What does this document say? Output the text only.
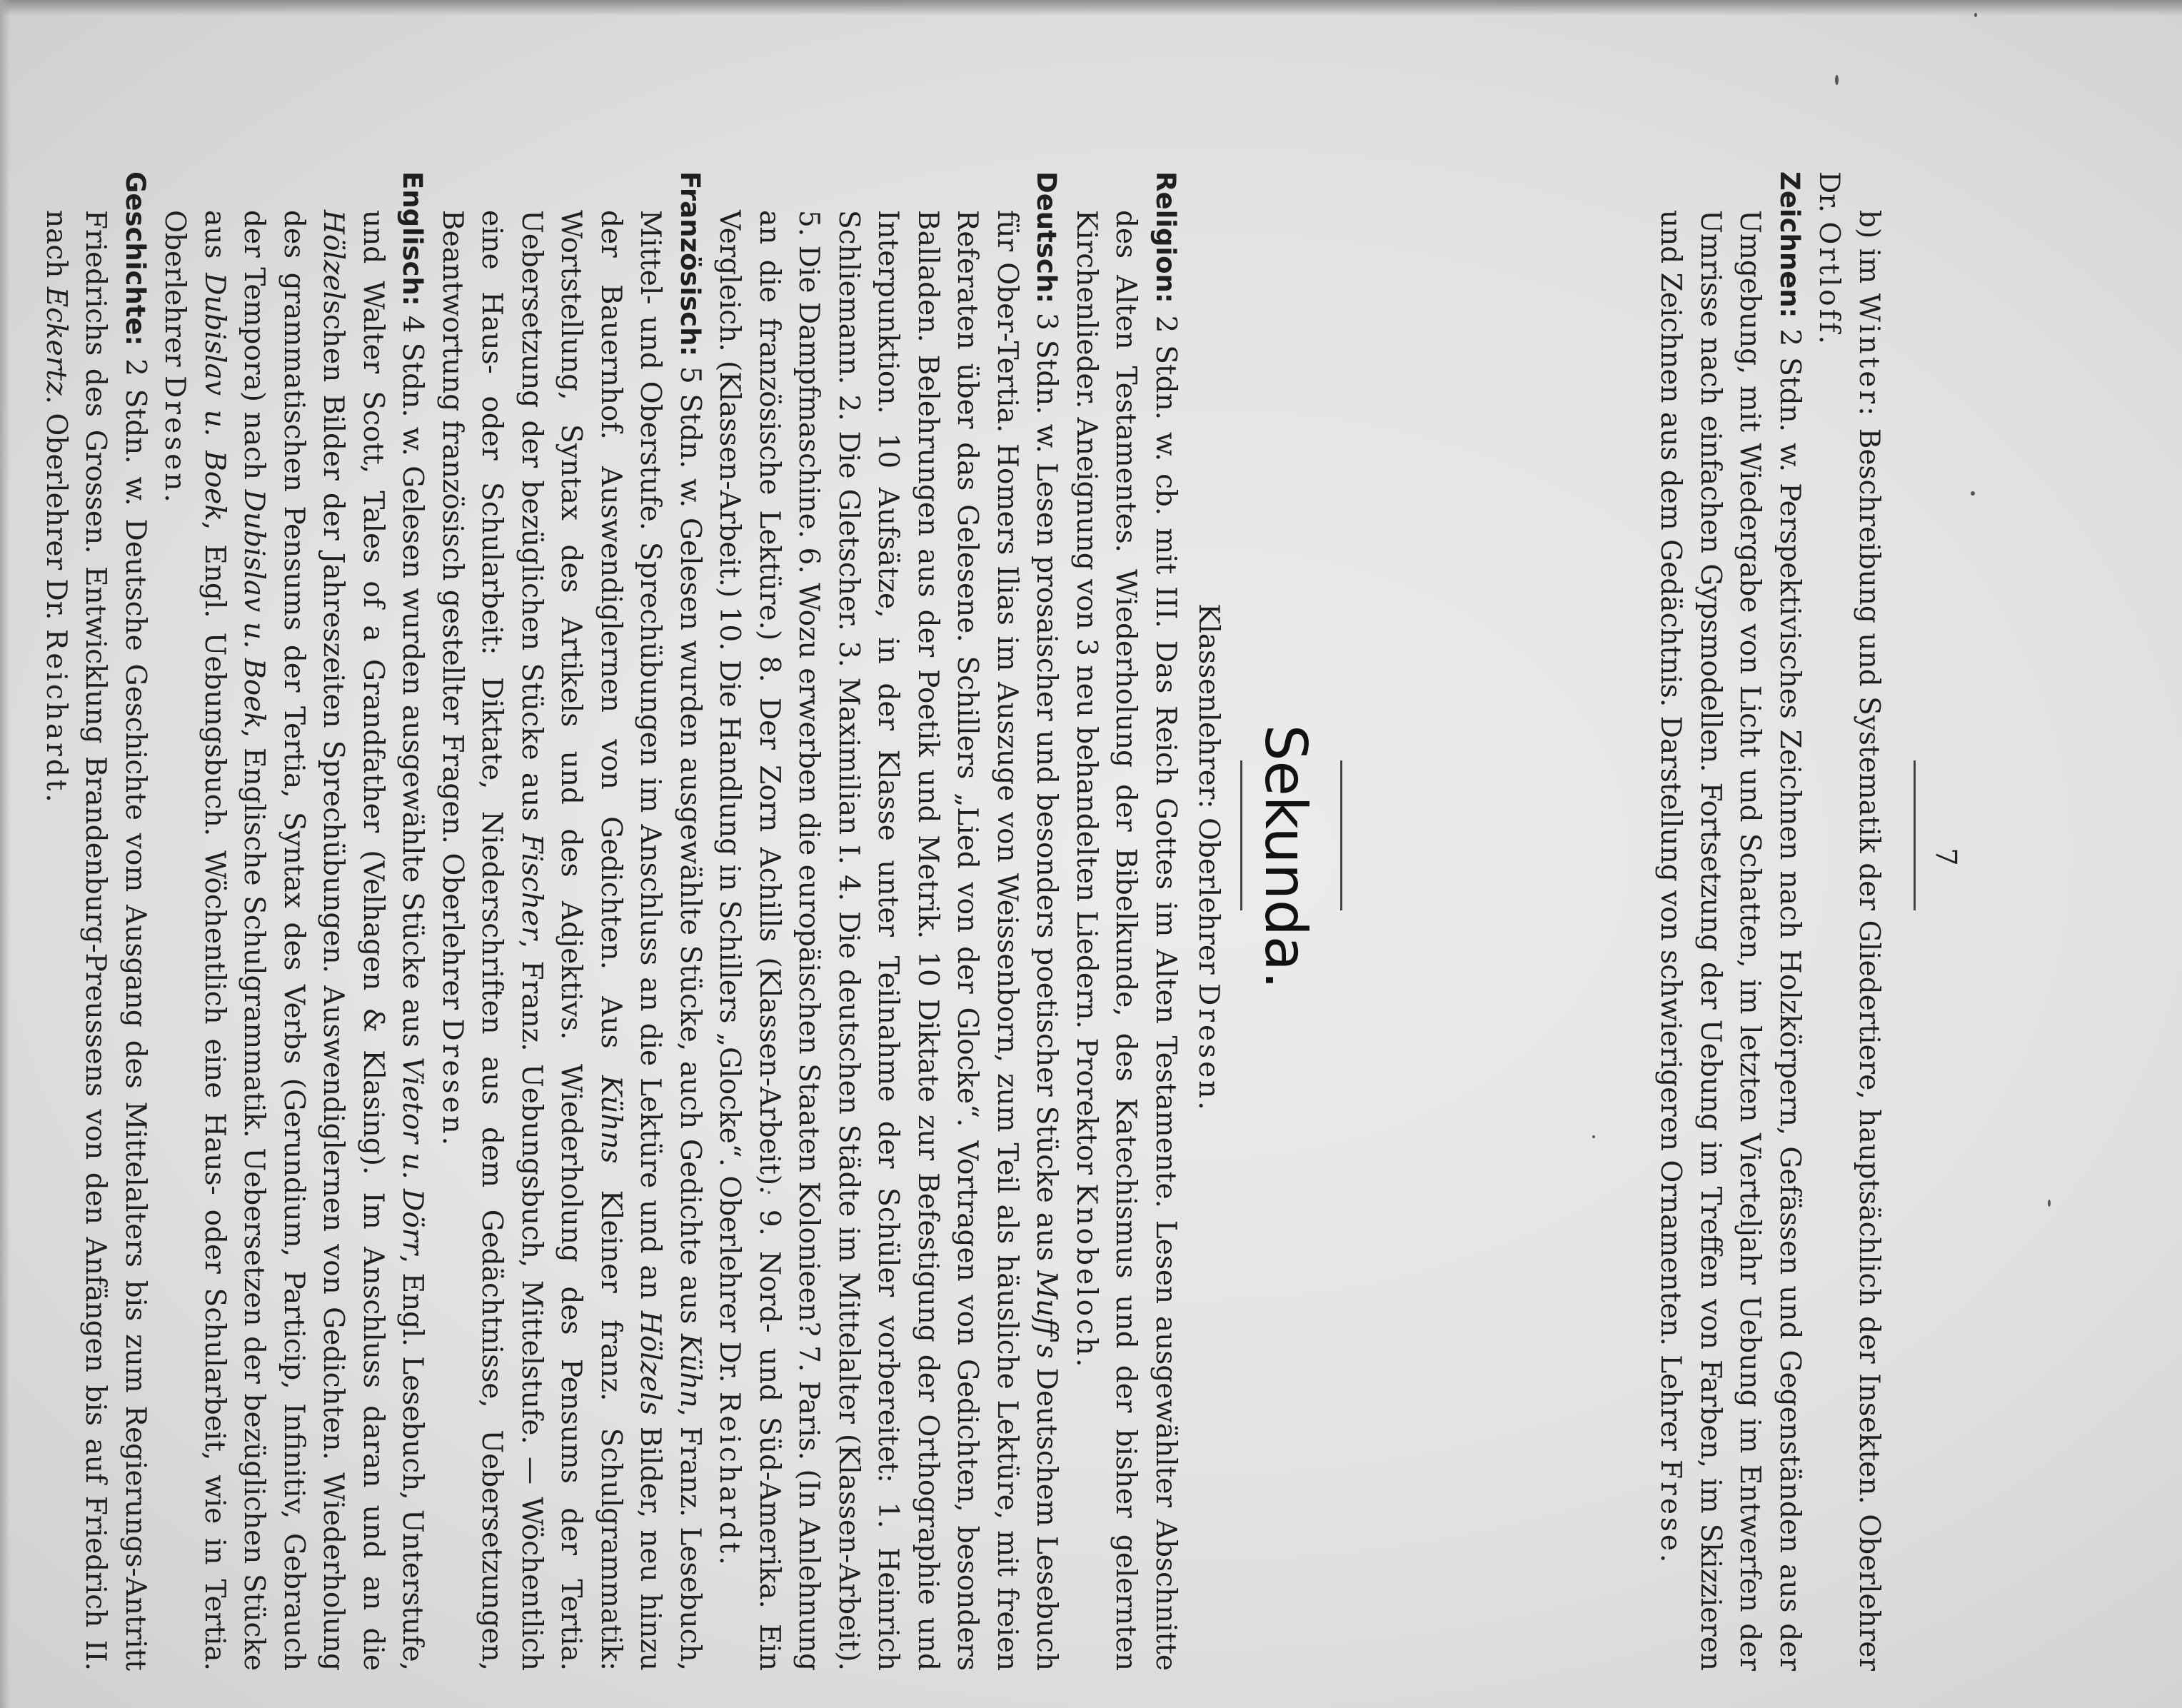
7

b) im Winter: Beschreibung und Systematik der Gliedertiere, hauptsächlich der Insekten. Oberlehrer Dr. Ortloff.

Zeichnen: 2 Stdn. w. Perspektivisches Zeichnen nach Holzkörpern, Gefässen und Gegenständen aus der Umgebung, mit Wiedergabe von Licht und Schatten, im letzten Vierteljahr Uebung im Entwerfen der Umrisse nach einfachen Gypsmodellen. Fortsetzung der Uebung im Treffen von Farben, im Skizzieren und Zeichnen aus dem Gedächtnis. Darstellung von schwierigeren Ornamenten. Lehrer Frese.

Sekunda.
Klassenlehrer: Oberlehrer Dresen.

Religion: 2 Stdn. w. cb. mit III. Das Reich Gottes im Alten Testamente. Lesen ausgewählter Abschnitte des Alten Testamentes. Wiederholung der Bibelkunde, des Katechismus und der bisher gelernten Kirchenlieder. Aneignung von 3 neu behandelten Liedern. Prorektor Knobeloch.

Deutsch: 3 Stdn. w. Lesen prosaischer und besonders poetischer Stücke aus Muff's Deutschem Lesebuch für Ober-Tertia. Homers Ilias im Auszuge von Weissenborn, zum Teil als häusliche Lektüre, mit freien Referaten über das Gelesene. Schillers „Lied von der Glocke“. Vortragen von Gedichten, besonders Balladen. Belehrungen aus der Poetik und Metrik. 10 Diktate zur Befestigung der Orthographie und Interpunktion. 10 Aufsätze, in der Klasse unter Teilnahme der Schüler vorbereitet: 1. Heinrich Schliemann. 2. Die Gletscher. 3. Maximilian I. 4. Die deutschen Städte im Mittelalter (Klassen-Arbeit). 5. Die Dampfmaschine. 6. Wozu erwerben die europäischen Staaten Kolonieen? 7. Paris. (In Anlehnung an die französische Lektüre.) 8. Der Zorn Achills (Klassen-Arbeit). 9. Nord- und Süd-Amerika. Ein Vergleich. (Klassen-Arbeit.) 10. Die Handlung in Schillers „Glocke“. Oberlehrer Dr. Reichardt.

Französisch: 5 Stdn. w. Gelesen wurden ausgewählte Stücke, auch Gedichte aus Kühn, Franz. Lesebuch, Mittel- und Oberstufe. Sprechübungen im Anschluss an die Lektüre und an Hölzels Bilder, neu hinzu der Bauernhof. Auswendiglernen von Gedichten. Aus Kühns Kleiner franz. Schulgrammatik: Wortstellung, Syntax des Artikels und des Adjektivs. Wiederholung des Pensums der Tertia. Uebersetzung der bezüglichen Stücke aus Fischer, Franz. Uebungsbuch, Mittelstufe. — Wöchentlich eine Haus- oder Schularbeit: Diktate, Niederschriften aus dem Gedächtnisse, Uebersetzungen, Beantwortung französisch gestellter Fragen. Oberlehrer Dresen.

Englisch: 4 Stdn. w. Gelesen wurden ausgewählte Stücke aus Vietor u. Dörr, Engl. Lesebuch, Unterstufe, und Walter Scott, Tales of a Grandfather (Velhagen & Klasing). Im Anschluss daran und an die Hölzelschen Bilder der Jahreszeiten Sprechübungen. Auswendiglernen von Gedichten. Wiederholung des grammatischen Pensums der Tertia, Syntax des Verbs (Gerundium, Particip, Infinitiv, Gebrauch der Tempora) nach Dubislav u. Boek, Englische Schulgrammatik. Uebersetzen der bezüglichen Stücke aus Dubislav u. Boek, Engl. Uebungsbuch. Wöchentlich eine Haus- oder Schularbeit, wie in Tertia. Oberlehrer Dresen.

Geschichte: 2 Stdn. w. Deutsche Geschichte vom Ausgang des Mittelalters bis zum Regierungs-Antritt Friedrichs des Grossen. Entwicklung Brandenburg-Preussens von den Anfängen bis auf Friedrich II. nach Eckertz. Oberlehrer Dr. Reichardt.
